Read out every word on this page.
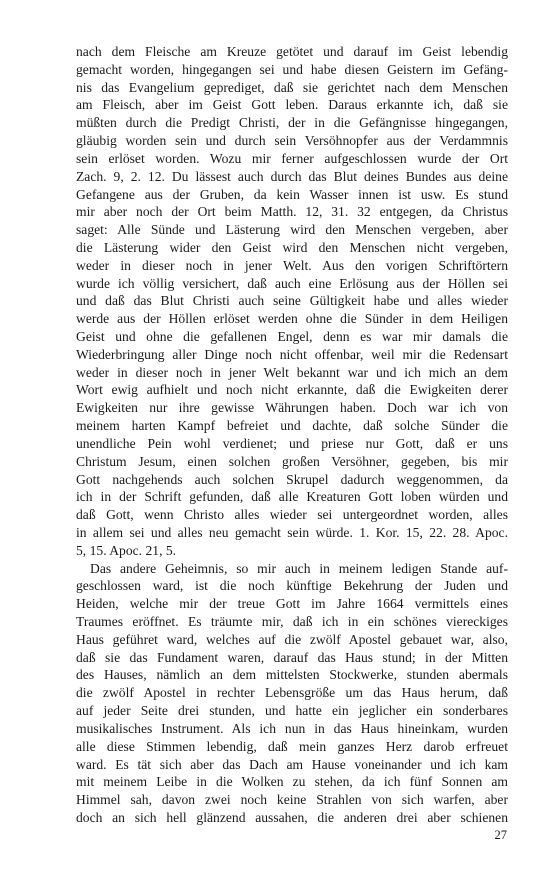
nach dem Fleische am Kreuze getötet und darauf im Geist lebendig
gemacht worden, hingegangen sei und habe diesen Geistern im Gefäng-
nis das Evangelium geprediget, daß sie gerichtet nach dem Menschen
am Fleisch, aber im Geist Gott leben. Daraus erkannte ich, daß sie
müßten durch die Predigt Christi, der in die Gefängnisse hingegangen,
gläubig worden sein und durch sein Versöhnopfer aus der Verdammnis
sein erlöset worden. Wozu mir ferner aufgeschlossen wurde der Ort
Zach. 9, 2. 12. Du lässest auch durch das Blut deines Bundes aus deine
Gefangene aus der Gruben, da kein Wasser innen ist usw. Es stund
mir aber noch der Ort beim Matth. 12, 31. 32 entgegen, da Christus
saget: Alle Sünde und Lästerung wird den Menschen vergeben, aber
die Lästerung wider den Geist wird den Menschen nicht vergeben,
weder in dieser noch in jener Welt. Aus den vorigen Schriftörtern
wurde ich völlig versichert, daß auch eine Erlösung aus der Höllen sei
und daß das Blut Christi auch seine Gültigkeit habe und alles wieder
werde aus der Höllen erlöset werden ohne die Sünder in dem Heiligen
Geist und ohne die gefallenen Engel, denn es war mir damals die
Wiederbringung aller Dinge noch nicht offenbar, weil mir die Redensart
weder in dieser noch in jener Welt bekannt war und ich mich an dem
Wort ewig aufhielt und noch nicht erkannte, daß die Ewigkeiten derer
Ewigkeiten nur ihre gewisse Währungen haben. Doch war ich von
meinem harten Kampf befreiet und dachte, daß solche Sünder die
unendliche Pein wohl verdienet; und priese nur Gott, daß er uns
Christum Jesum, einen solchen großen Versöhner, gegeben, bis mir
Gott nachgehends auch solchen Skrupel dadurch weggenommen, da
ich in der Schrift gefunden, daß alle Kreaturen Gott loben würden und
daß Gott, wenn Christo alles wieder sei untergeordnet worden, alles
in allem sei und alles neu gemacht sein würde. 1. Kor. 15, 22. 28. Apoc.
5, 15. Apoc. 21, 5.
Das andere Geheimnis, so mir auch in meinem ledigen Stande auf-
geschlossen ward, ist die noch künftige Bekehrung der Juden und
Heiden, welche mir der treue Gott im Jahre 1664 vermittels eines
Traumes eröffnet. Es träumte mir, daß ich in ein schönes viereckiges
Haus geführet ward, welches auf die zwölf Apostel gebauet war, also,
daß sie das Fundament waren, darauf das Haus stund; in der Mitten
des Hauses, nämlich an dem mittelsten Stockwerke, stunden abermals
die zwölf Apostel in rechter Lebensgröße um das Haus herum, daß
auf jeder Seite drei stunden, und hatte ein jeglicher ein sonderbares
musikalisches Instrument. Als ich nun in das Haus hineinkam, wurden
alle diese Stimmen lebendig, daß mein ganzes Herz darob erfreuet
ward. Es tät sich aber das Dach am Hause voneinander und ich kam
mit meinem Leibe in die Wolken zu stehen, da ich fünf Sonnen am
Himmel sah, davon zwei noch keine Strahlen von sich warfen, aber
doch an sich hell glänzend aussahen, die anderen drei aber schienen
27
